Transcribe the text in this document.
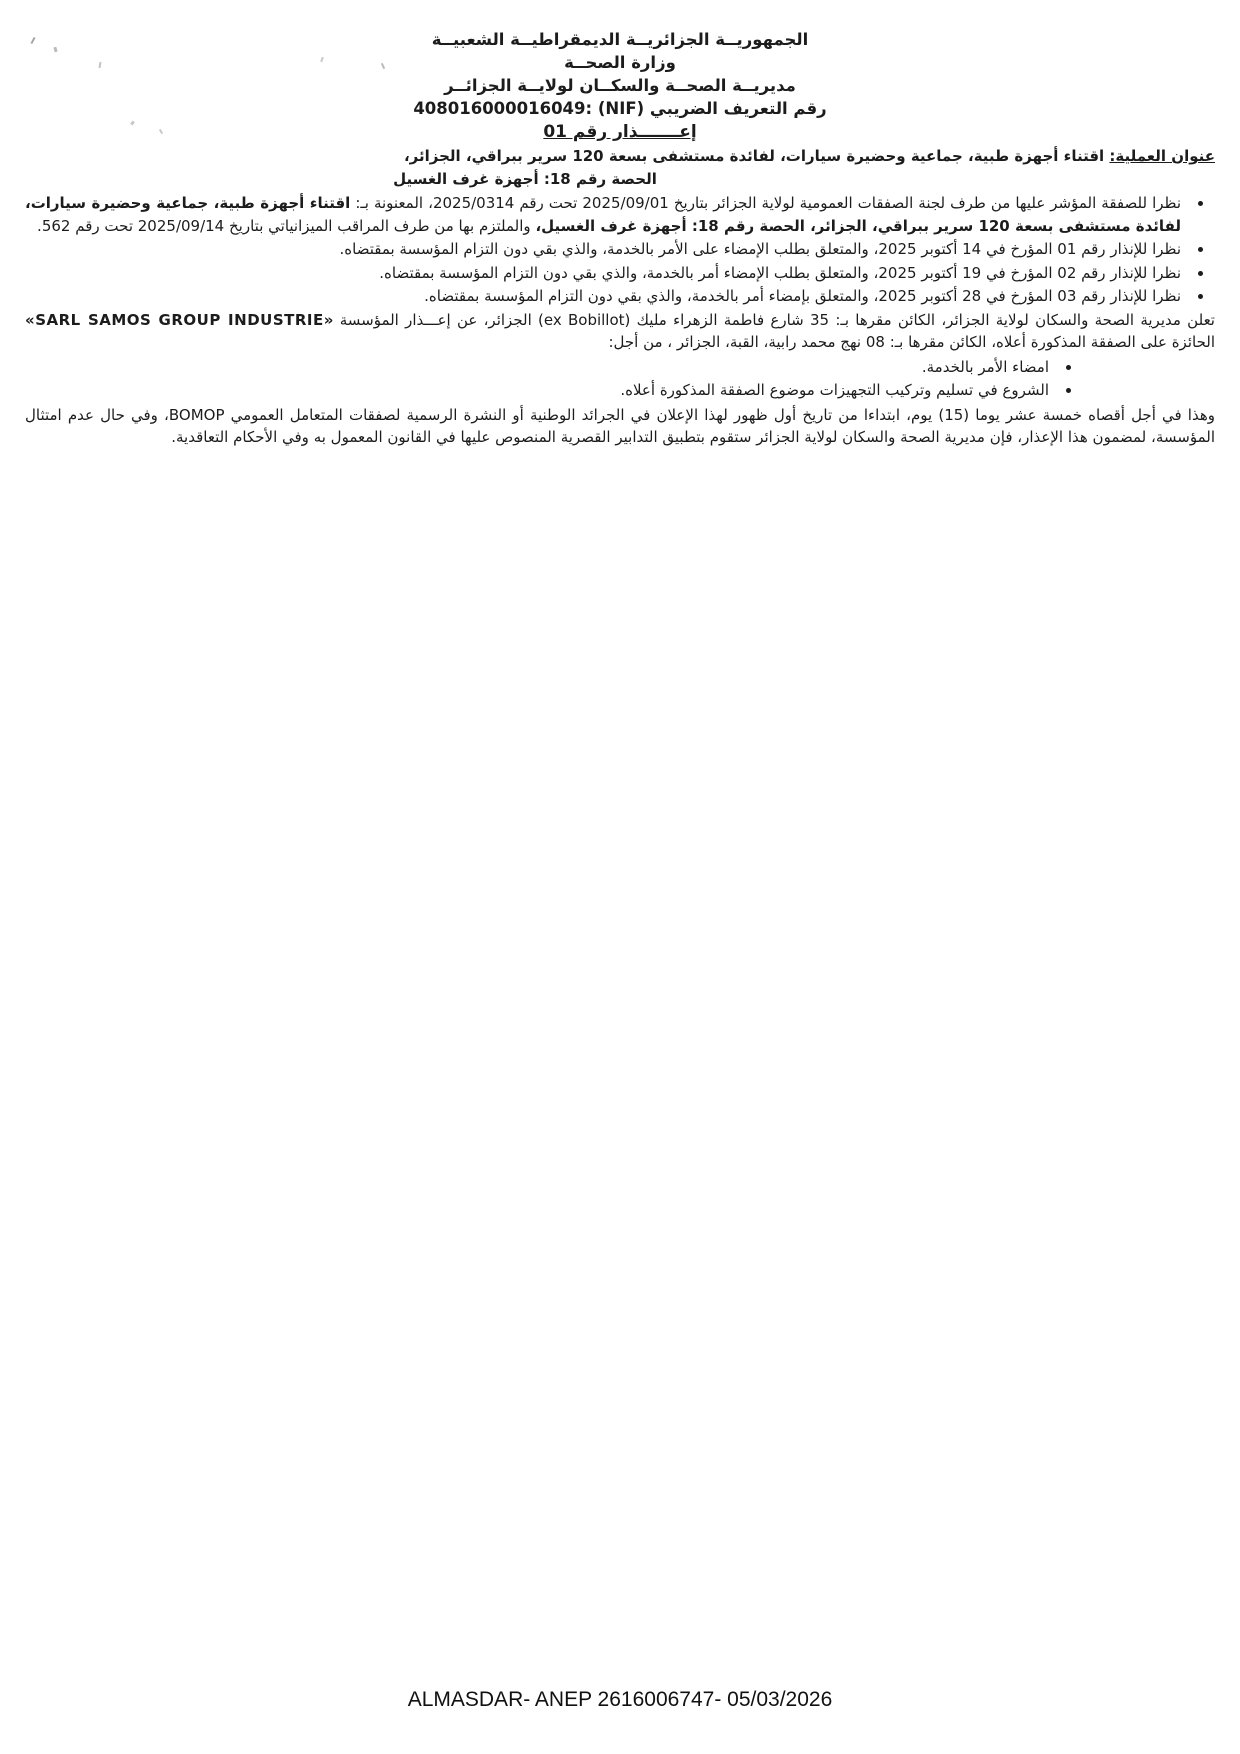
الجمهوريــة الجزائريــة الديمقراطيــة الشعبيــة
وزارة الصحــة
مديريــة الصحــة والسكــان لولايــة الجزائــر
رقم التعريف الضريبي 408016000016049: (NIF)
إعـــــــذار رقم 01
عنوان العملية: اقتناء أجهزة طبية، جماعية وحضيرة سيارات، لفائدة مستشفى بسعة 120 سرير ببراقي، الجزائر،
الحصة رقم 18: أجهزة غرف الغسيل
• نظرا للصفقة المؤشر عليها من طرف لجنة الصفقات العمومية لولاية الجزائر بتاريخ 2025/09/01 تحت رقم 2025/0314، المعنونة بـ: اقتناء أجهزة طبية، جماعية وحضيرة سيارات، لفائدة مستشفى بسعة 120 سرير ببراقي، الجزائر، الحصة رقم 18: أجهزة غرف الغسيل، والملتزم بها من طرف المراقب الميزانياتي بتاريخ 2025/09/14 تحت رقم 562.
• نظرا للإنذار رقم 01 المؤرخ في 14 أكتوبر 2025، والمتعلق بطلب الإمضاء على الأمر بالخدمة، والذي بقي دون التزام المؤسسة بمقتضاه.
• نظرا للإنذار رقم 02 المؤرخ في 19 أكتوبر 2025، والمتعلق بطلب الإمضاء أمر بالخدمة، والذي بقي دون التزام المؤسسة بمقتضاه.
• نظرا للإنذار رقم 03 المؤرخ في 28 أكتوبر 2025، والمتعلق بإمضاء أمر بالخدمة، والذي بقي دون التزام المؤسسة بمقتضاه.

تعلن مديرية الصحة والسكان لولاية الجزائر، الكائن مقرها بـ: 35 شارع فاطمة الزهراء مليك (ex Bobillot) الجزائر، عن إعـــذار المؤسسة «SARL SAMOS GROUP INDUSTRIE» الحائزة على الصفقة المذكورة أعلاه، الكائن مقرها بـ: 08 نهج محمد رابية، القبة، الجزائر ، من أجل:

• امضاء الأمر بالخدمة.
• الشروع في تسليم وتركيب التجهيزات موضوع الصفقة المذكورة أعلاه.

وهذا في أجل أقصاه خمسة عشر يوما (15) يوم، ابتداءا من تاريخ أول ظهور لهذا الإعلان في الجرائد الوطنية أو النشرة الرسمية لصفقات المتعامل العمومي BOMOP، وفي حال عدم امتثال المؤسسة، لمضمون هذا الإعذار، فإن مديرية الصحة والسكان لولاية الجزائر ستقوم بتطبيق التدابير القصرية المنصوص عليها في القانون المعمول به وفي الأحكام التعاقدية.

ALMASDAR- ANEP 2616006747- 05/03/2026
